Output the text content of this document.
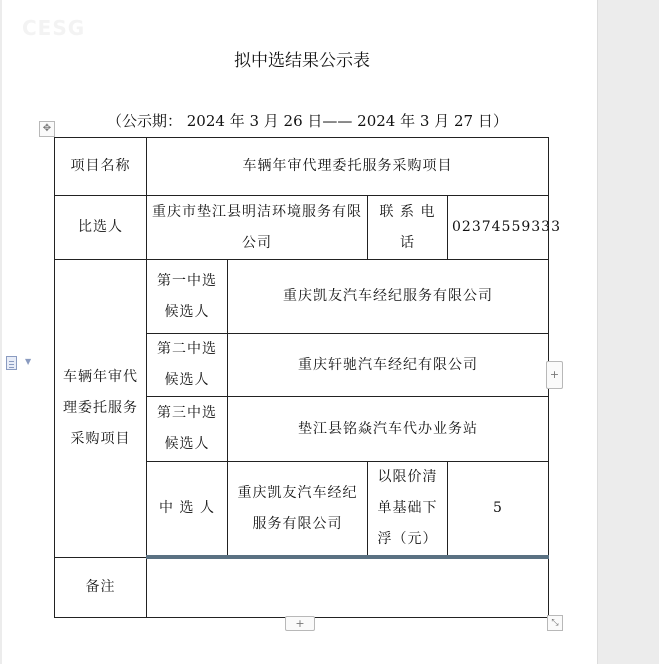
CESG
拟中选结果公示表
（公示期： 2024 年 3 月 26 日—— 2024 年 3 月 27 日）
▼
✥
项目名称	车辆年审代理委托服务采购项目			
比选人	重庆市垫江县明洁环境服务有限公司		联 系 电 话	02374559333
车辆年审代理委托服务采购项目	第一中选候选人	重庆凯友汽车经纪服务有限公司		
	第二中选候选人	重庆轩驰汽车经纪有限公司		
	第三中选候选人	垫江县铭焱汽车代办业务站		
	中 选 人	重庆凯友汽车经纪服务有限公司	以限价清单基础下浮（元）	5
备注				
+
+	⤡
